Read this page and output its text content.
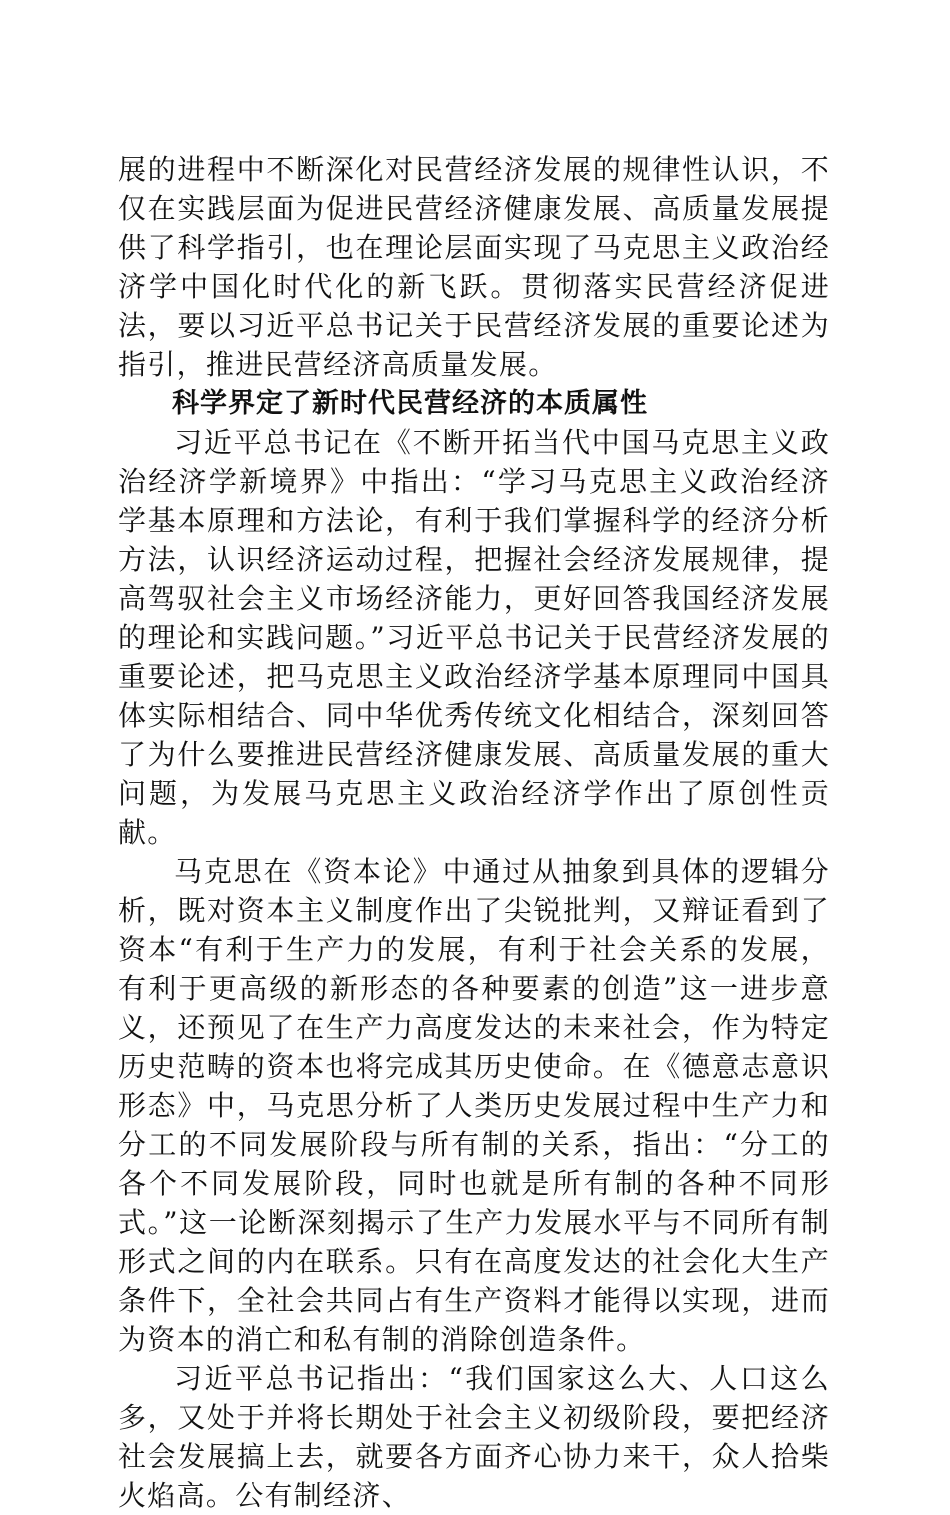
展的进程中不断深化对民营经济发展的规律性认识，不仅在实践层面为促进民营经济健康发展、高质量发展提供了科学指引，也在理论层面实现了马克思主义政治经济学中国化时代化的新飞跃。贯彻落实民营经济促进法，要以习近平总书记关于民营经济发展的重要论述为指引，推进民营经济高质量发展。

科学界定了新时代民营经济的本质属性

习近平总书记在《不断开拓当代中国马克思主义政治经济学新境界》中指出：“学习马克思主义政治经济学基本原理和方法论，有利于我们掌握科学的经济分析方法，认识经济运动过程，把握社会经济发展规律，提高驾驭社会主义市场经济能力，更好回答我国经济发展的理论和实践问题。”习近平总书记关于民营经济发展的重要论述，把马克思主义政治经济学基本原理同中国具体实际相结合、同中华优秀传统文化相结合，深刻回答了为什么要推进民营经济健康发展、高质量发展的重大问题，为发展马克思主义政治经济学作出了原创性贡献。

马克思在《资本论》中通过从抽象到具体的逻辑分析，既对资本主义制度作出了尖锐批判，又辩证看到了资本“有利于生产力的发展，有利于社会关系的发展，有利于更高级的新形态的各种要素的创造”这一进步意义，还预见了在生产力高度发达的未来社会，作为特定历史范畴的资本也将完成其历史使命。在《德意志意识形态》中，马克思分析了人类历史发展过程中生产力和分工的不同发展阶段与所有制的关系，指出：“分工的各个不同发展阶段，同时也就是所有制的各种不同形式。”这一论断深刻揭示了生产力发展水平与不同所有制形式之间的内在联系。只有在高度发达的社会化大生产条件下，全社会共同占有生产资料才能得以实现，进而为资本的消亡和私有制的消除创造条件。

习近平总书记指出：“我们国家这么大、人口这么多，又处于并将长期处于社会主义初级阶段，要把经济社会发展搞上去，就要各方面齐心协力来干，众人拾柴火焰高。公有制经济、
